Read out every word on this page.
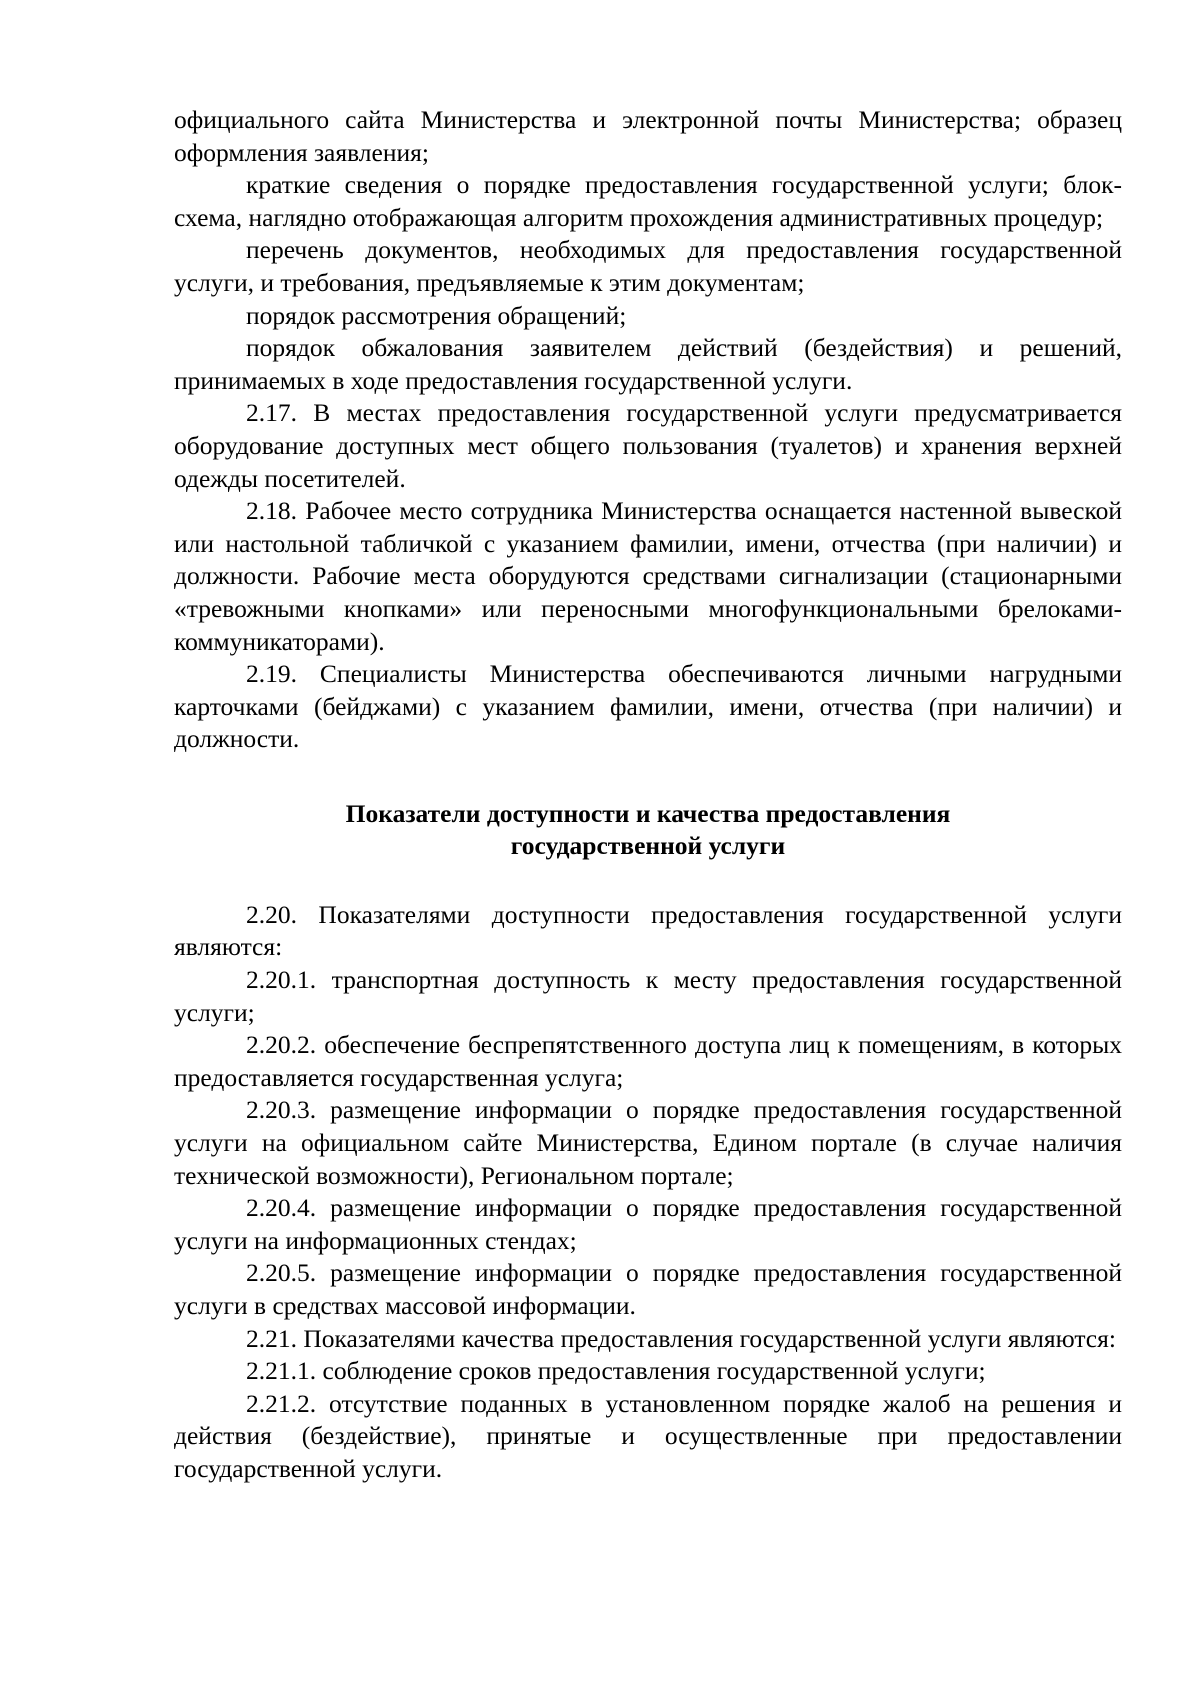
официального сайта Министерства и электронной почты Министерства; образец оформления заявления;

краткие сведения о порядке предоставления государственной услуги; блок-схема, наглядно отображающая алгоритм прохождения административных процедур;

перечень документов, необходимых для предоставления государственной услуги, и требования, предъявляемые к этим документам;

порядок рассмотрения обращений;

порядок обжалования заявителем действий (бездействия) и решений, принимаемых в ходе предоставления государственной услуги.

2.17. В местах предоставления государственной услуги предусматривается оборудование доступных мест общего пользования (туалетов) и хранения верхней одежды посетителей.

2.18. Рабочее место сотрудника Министерства оснащается настенной вывеской или настольной табличкой с указанием фамилии, имени, отчества (при наличии) и должности. Рабочие места оборудуются средствами сигнализации (стационарными «тревожными кнопками» или переносными многофункциональными брелоками-коммуникаторами).

2.19. Специалисты Министерства обеспечиваются личными нагрудными карточками (бейджами) с указанием фамилии, имени, отчества (при наличии) и должности.

Показатели доступности и качества предоставления

государственной услуги

2.20. Показателями доступности предоставления государственной услуги являются:

2.20.1. транспортная доступность к месту предоставления государственной услуги;

2.20.2. обеспечение беспрепятственного доступа лиц к помещениям, в которых предоставляется государственная услуга;

2.20.3. размещение информации о порядке предоставления государственной услуги на официальном сайте Министерства, Едином портале (в случае наличия технической возможности), Региональном портале;

2.20.4. размещение информации о порядке предоставления государственной услуги на информационных стендах;

2.20.5. размещение информации о порядке предоставления государственной услуги в средствах массовой информации.

2.21. Показателями качества предоставления государственной услуги являются:

2.21.1. соблюдение сроков предоставления государственной услуги;

2.21.2. отсутствие поданных в установленном порядке жалоб на решения и действия (бездействие), принятые и осуществленные при предоставлении государственной услуги.
